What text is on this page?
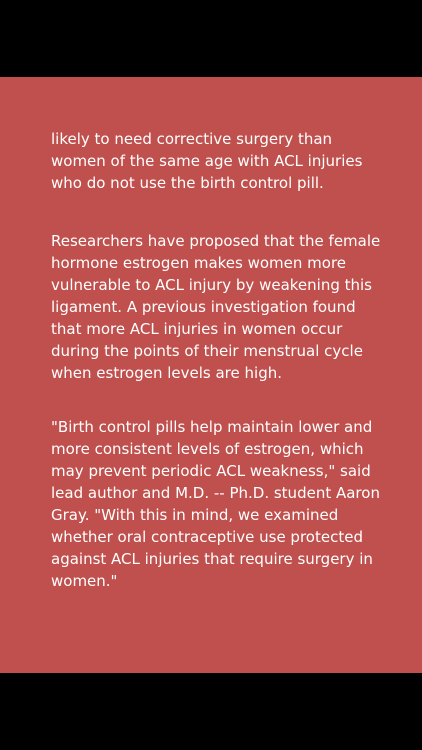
likely to need corrective surgery than women of the same age with ACL injuries who do not use the birth control pill.

Researchers have proposed that the female hormone estrogen makes women more vulnerable to ACL injury by weakening this ligament. A previous investigation found that more ACL injuries in women occur during the points of their menstrual cycle when estrogen levels are high.

"Birth control pills help maintain lower and more consistent levels of estrogen, which may prevent periodic ACL weakness," said lead author and M.D. -- Ph.D. student Aaron Gray. "With this in mind, we examined whether oral contraceptive use protected against ACL injuries that require surgery in women."
